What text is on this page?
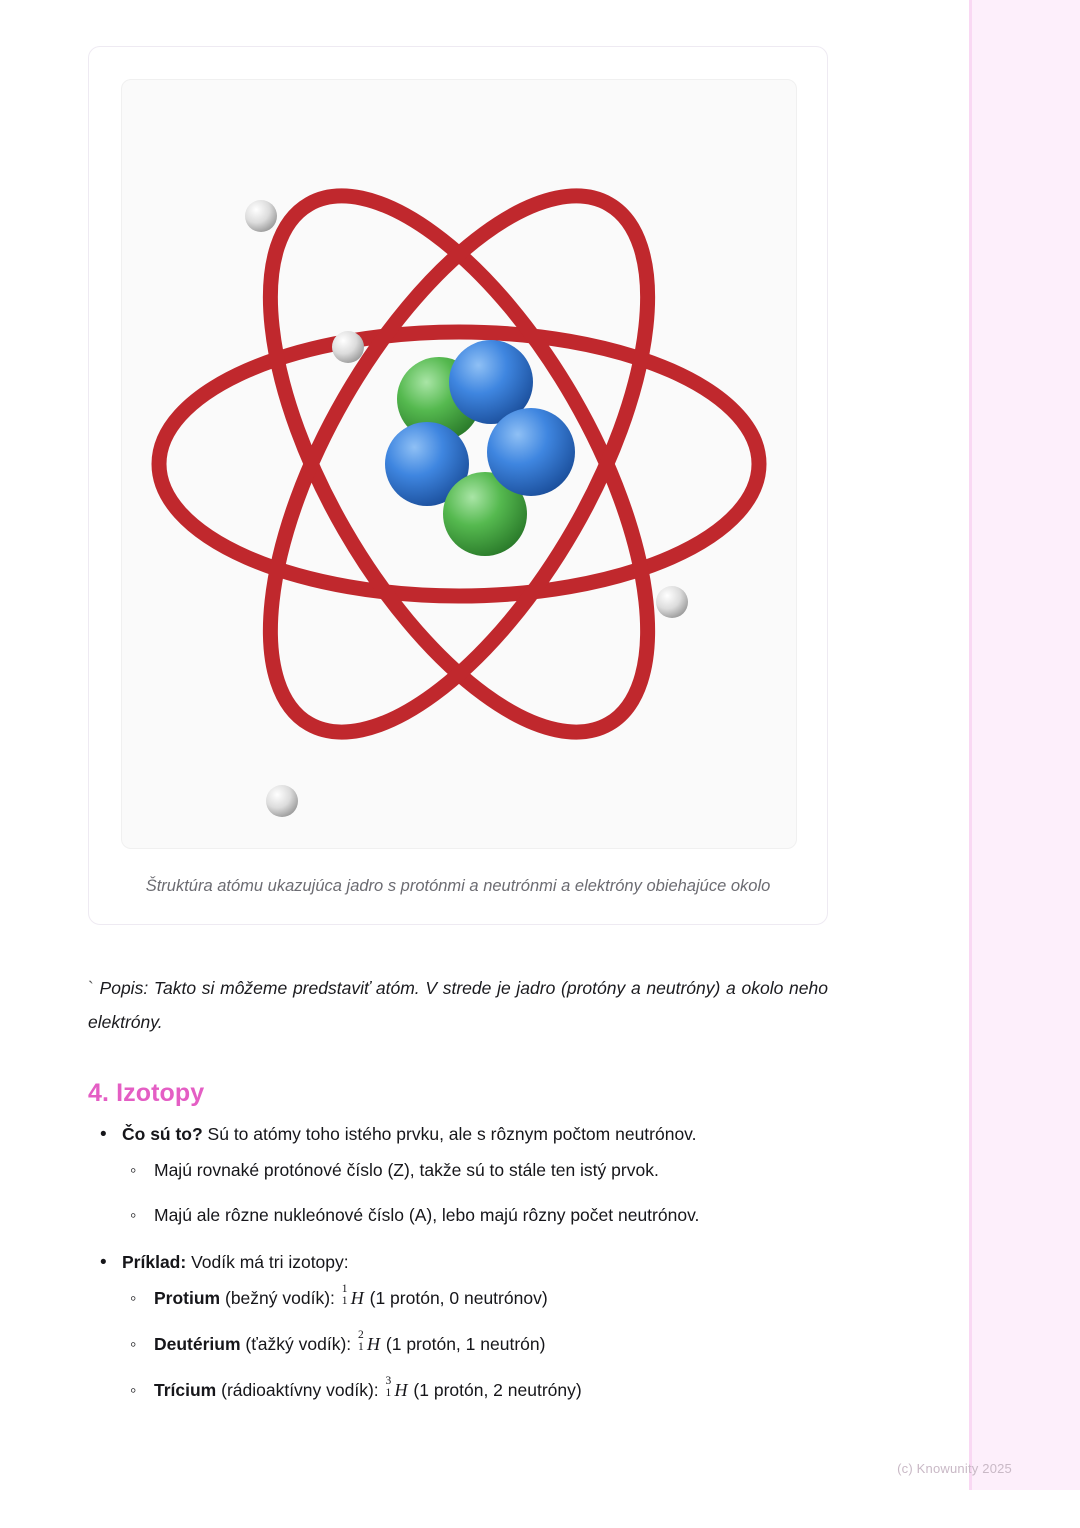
Štruktúra atómu ukazujúca jadro s protónmi a neutrónmi a elektróny obiehajúce okolo

` Popis: Takto si môžeme predstaviť atóm. V strede je jadro (protóny a neutróny) a okolo neho elektróny.

4. Izotopy
• Čo sú to? Sú to atómy toho istého prvku, ale s rôznym počtom neutrónov.
◦ Majú rovnaké protónové číslo (Z), takže sú to stále ten istý prvok.
◦ Majú ale rôzne nukleónové číslo (A), lebo majú rôzny počet neutrónov.
• Príklad: Vodík má tri izotopy:
◦ Protium (bežný vodík): 1
1 H (1 protón, 0 neutrónov)
◦ Deutérium (ťažký vodík): 2
1 H (1 protón, 1 neutrón)
◦ Trícium (rádioaktívny vodík): 3
1 H (1 protón, 2 neutróny)
(c) Knowunity 2025
